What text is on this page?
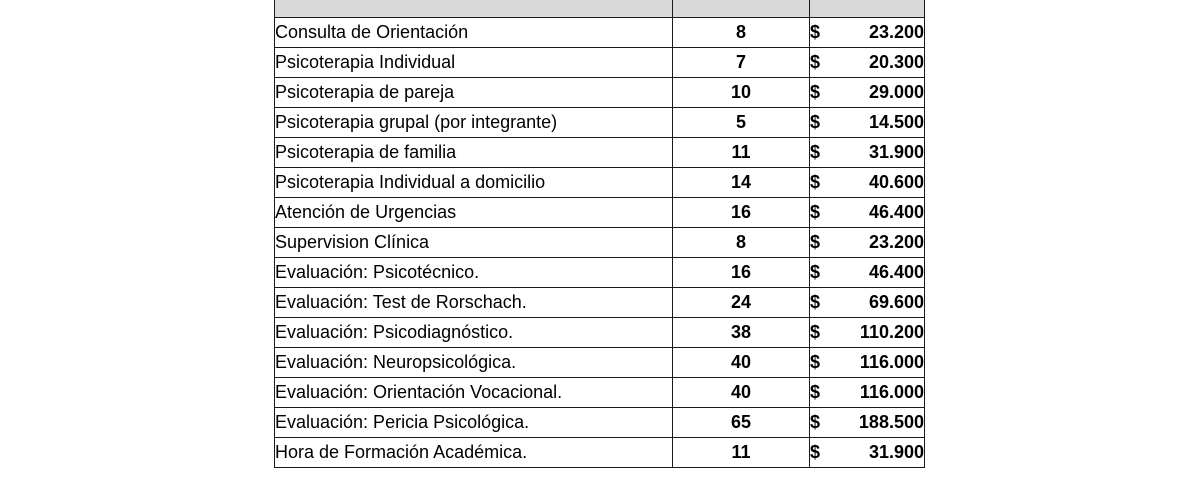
Consulta de Orientación	8	$ 23.200

Psicoterapia Individual	7	$ 20.300

Psicoterapia de pareja	10	$ 29.000

Psicoterapia grupal (por integrante)	5	$ 14.500

Psicoterapia de familia	11	$ 31.900

Psicoterapia Individual a domicilio	14	$ 40.600

Atención de Urgencias	16	$ 46.400

Supervision Clínica	8	$ 23.200

Evaluación: Psicotécnico.	16	$ 46.400

Evaluación: Test de Rorschach.	24	$ 69.600

Evaluación: Psicodiagnóstico.	38	$ 110.200

Evaluación: Neuropsicológica.	40	$ 116.000

Evaluación: Orientación Vocacional.	40	$ 116.000

Evaluación: Pericia Psicológica.	65	$ 188.500

Hora de Formación Académica.	11	$ 31.900
